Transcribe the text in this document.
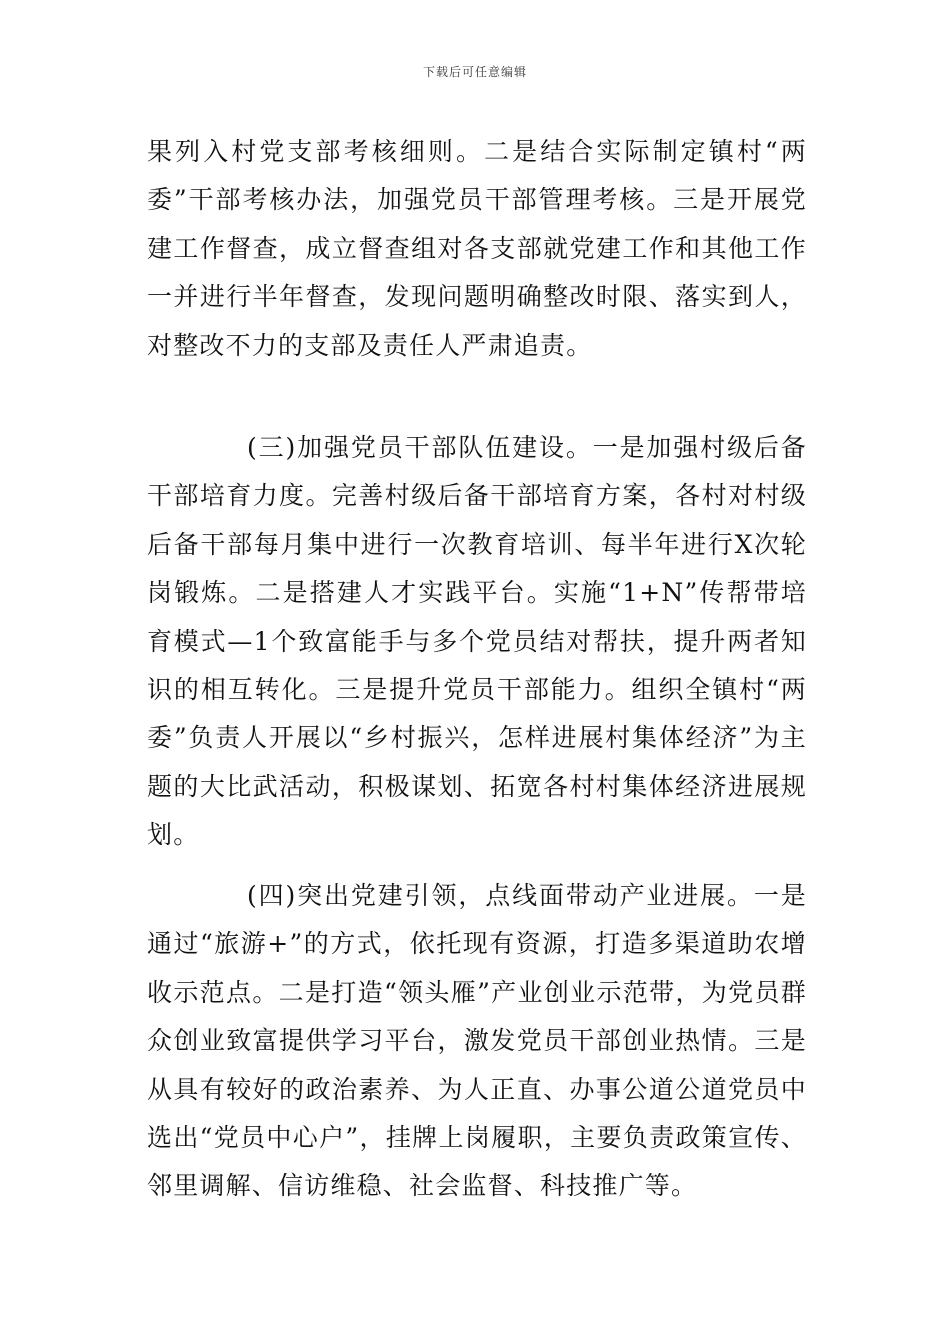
下载后可任意编辑

果列入村党支部考核细则。二是结合实际制定镇村“两委”干部考核办法，加强党员干部管理考核。三是开展党建工作督查，成立督查组对各支部就党建工作和其他工作一并进行半年督查，发现问题明确整改时限、落实到人，对整改不力的支部及责任人严肃追责。

(三)加强党员干部队伍建设。一是加强村级后备干部培育力度。完善村级后备干部培育方案，各村对村级后备干部每月集中进行一次教育培训、每半年进行X次轮岗锻炼。二是搭建人才实践平台。实施“1+N”传帮带培育模式—1个致富能手与多个党员结对帮扶，提升两者知识的相互转化。三是提升党员干部能力。组织全镇村“两委”负责人开展以“乡村振兴，怎样进展村集体经济”为主题的大比武活动，积极谋划、拓宽各村村集体经济进展规划。

(四)突出党建引领，点线面带动产业进展。一是通过“旅游+”的方式，依托现有资源，打造多渠道助农增收示范点。二是打造“领头雁”产业创业示范带，为党员群众创业致富提供学习平台，激发党员干部创业热情。三是从具有较好的政治素养、为人正直、办事公道公道党员中选出“党员中心户”，挂牌上岗履职，主要负责政策宣传、邻里调解、信访维稳、社会监督、科技推广等。
